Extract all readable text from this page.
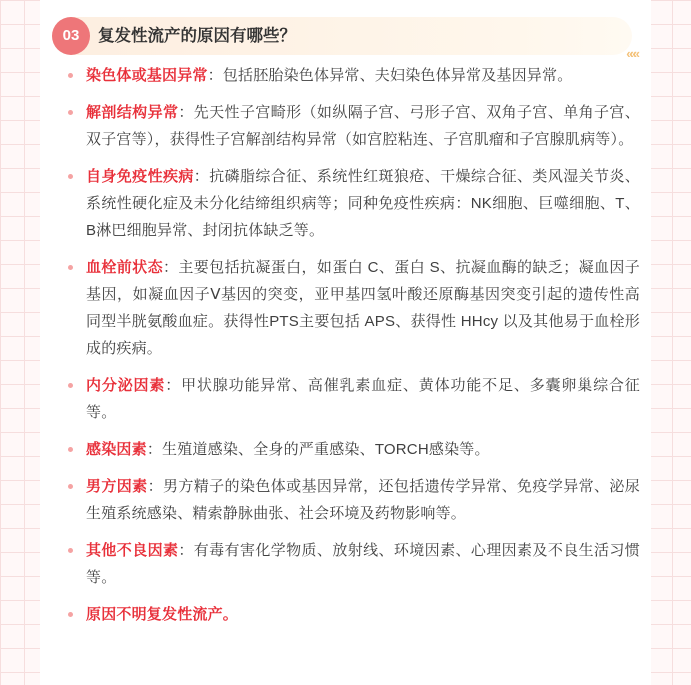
03	复发性流产的原因有哪些？
«««

染色体或基因异常：包括胚胎染色体异常、夫妇染色体异常及基因异常。

解剖结构异常：先天性子宫畸形（如纵隔子宫、弓形子宫、双角子宫、单角子宫、双子宫等），获得性子宫解剖结构异常（如宫腔粘连、子宫肌瘤和子宫腺肌病等）。

自身免疫性疾病：抗磷脂综合征、系统性红斑狼疮、干燥综合征、类风湿关节炎、系统性硬化症及未分化结缔组织病等；同种免疫性疾病：NK细胞、巨噬细胞、T、B淋巴细胞异常、封闭抗体缺乏等。

血栓前状态：主要包括抗凝蛋白，如蛋白 C、蛋白 S、抗凝血酶的缺乏；凝血因子基因，如凝血因子Ⅴ基因的突变，亚甲基四氢叶酸还原酶基因突变引起的遗传性高同型半胱氨酸血症。获得性PTS主要包括 APS、获得性 HHcy 以及其他易于血栓形成的疾病。

内分泌因素：甲状腺功能异常、高催乳素血症、黄体功能不足、多囊卵巢综合征等。

感染因素：生殖道感染、全身的严重感染、TORCH感染等。

男方因素：男方精子的染色体或基因异常，还包括遗传学异常、免疫学异常、泌尿生殖系统感染、精索静脉曲张、社会环境及药物影响等。

其他不良因素：有毒有害化学物质、放射线、环境因素、心理因素及不良生活习惯等。

原因不明复发性流产。
